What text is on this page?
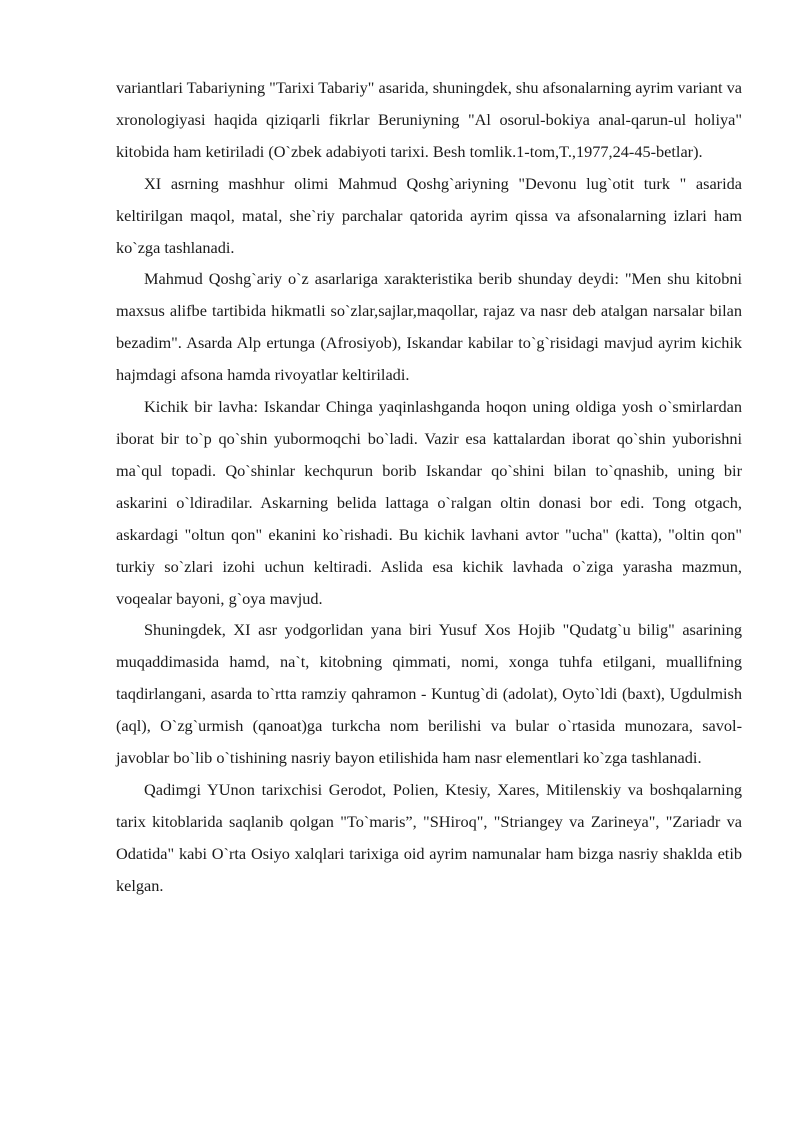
variantlari Tabariyning "Tarixi Tabariy" asarida, shuningdek, shu afsonalarning ayrim variant va xronologiyasi haqida qiziqarli fikrlar Beruniyning "Al osorul-bokiya anal-qarun-ul holiya" kitobida ham ketiriladi (O`zbek adabiyoti tarixi. Besh tomlik.1-tom,T.,1977,24-45-betlar).

XI asrning mashhur olimi Mahmud Qoshg`ariyning "Devonu lug`otit turk " asarida keltirilgan maqol, matal, she`riy parchalar qatorida ayrim qissa va afsonalarning izlari ham ko`zga tashlanadi.

Mahmud Qoshg`ariy o`z asarlariga xarakteristika berib shunday deydi: "Men shu kitobni maxsus alifbe tartibida hikmatli so`zlar,sajlar,maqollar, rajaz va nasr deb atalgan narsalar bilan bezadim". Asarda Alp ertunga (Afrosiyob), Iskandar kabilar to`g`risidagi mavjud ayrim kichik hajmdagi afsona hamda rivoyatlar keltiriladi.

Kichik bir lavha: Iskandar Chinga yaqinlashganda hoqon uning oldiga yosh o`smirlardan iborat bir to`p qo`shin yubormoqchi bo`ladi. Vazir esa kattalardan iborat qo`shin yuborishni ma`qul topadi. Qo`shinlar kechqurun borib Iskandar qo`shini bilan to`qnashib, uning bir askarini o`ldiradilar. Askarning belida lattaga o`ralgan oltin donasi bor edi. Tong otgach, askardagi "oltun qon" ekanini ko`rishadi. Bu kichik lavhani avtor "ucha" (katta), "oltin qon" turkiy so`zlari izohi uchun keltiradi. Aslida esa kichik lavhada o`ziga yarasha mazmun, voqealar bayoni, g`oya mavjud.

Shuningdek, XI asr yodgorlidan yana biri Yusuf Xos Hojib "Qudatg`u bilig" asarining muqaddimasida hamd, na`t, kitobning qimmati, nomi, xonga tuhfa etilgani, muallifning taqdirlangani, asarda to`rtta ramziy qahramon - Kuntug`di (adolat), Oyto`ldi (baxt), Ugdulmish (aql), O`zg`urmish (qanoat)ga turkcha nom berilishi va bular o`rtasida munozara, savol-javoblar bo`lib o`tishining nasriy bayon etilishida ham nasr elementlari ko`zga tashlanadi.

Qadimgi YUnon tarixchisi Gerodot, Polien, Ktesiy, Xares, Mitilenskiy va boshqalarning tarix kitoblarida saqlanib qolgan "To`maris”, "SHiroq", "Striangey va Zarineya", "Zariadr va Odatida" kabi O`rta Osiyo xalqlari tarixiga oid ayrim namunalar ham bizga nasriy shaklda etib kelgan.
